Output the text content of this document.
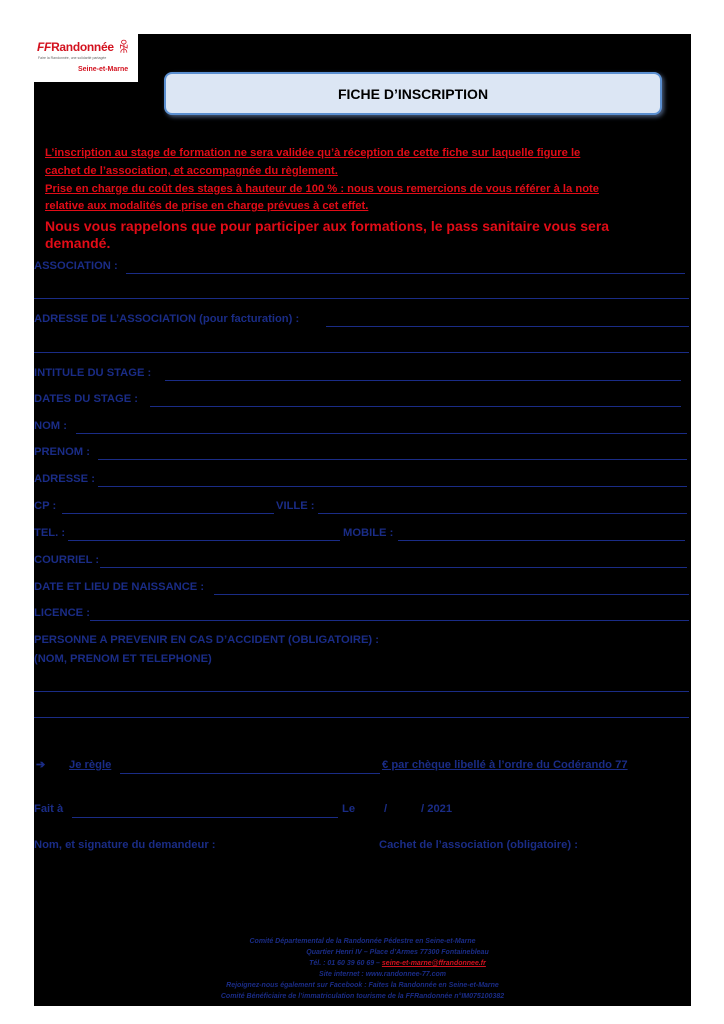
FFRandonnée ꆜ
Faire la Randonnée, une solidarité partagée
Seine-et-Marne
FICHE D’INSCRIPTION
L’inscription au stage de formation ne sera validée qu’à réception de cette fiche sur laquelle figure le
cachet de l’association, et accompagnée du règlement.
Prise en charge du coût des stages à hauteur de 100 % : nous vous remercions de vous référer à la note
relative aux modalités de prise en charge prévues à cet effet.
Nous vous rappelons que pour participer aux formations, le pass sanitaire vous sera demandé.
ASSOCIATION :
ADRESSE DE L’ASSOCIATION (pour facturation) :
INTITULE DU STAGE :
DATES DU STAGE :
NOM :
PRENOM :
ADRESSE :
CP :	VILLE :
TEL. :	MOBILE :
COURRIEL :
DATE ET LIEU DE NAISSANCE :
LICENCE :
PERSONNE A PREVENIR EN CAS D’ACCIDENT (OBLIGATOIRE) :
(NOM, PRENOM ET TELEPHONE)
➔ Je règle	€ par chèque libellé à l’ordre du Codérando 77
Fait à	Le	/	/ 2021
Nom, et signature du demandeur :	Cachet de l’association (obligatoire) :
Comité Départemental de la Randonnée Pédestre en Seine-et-Marne
Quartier Henri IV – Place d’Armes 77300 Fontainebleau
Tél. : 01 60 39 60 69 – seine-et-marne@ffrandonnee.fr
Site internet : www.randonnee-77.com
Rejoignez-nous également sur Facebook : Faites la Randonnée en Seine-et-Marne
Comité Bénéficiaire de l’immatriculation tourisme de la FFRandonnée n°IM075100382
